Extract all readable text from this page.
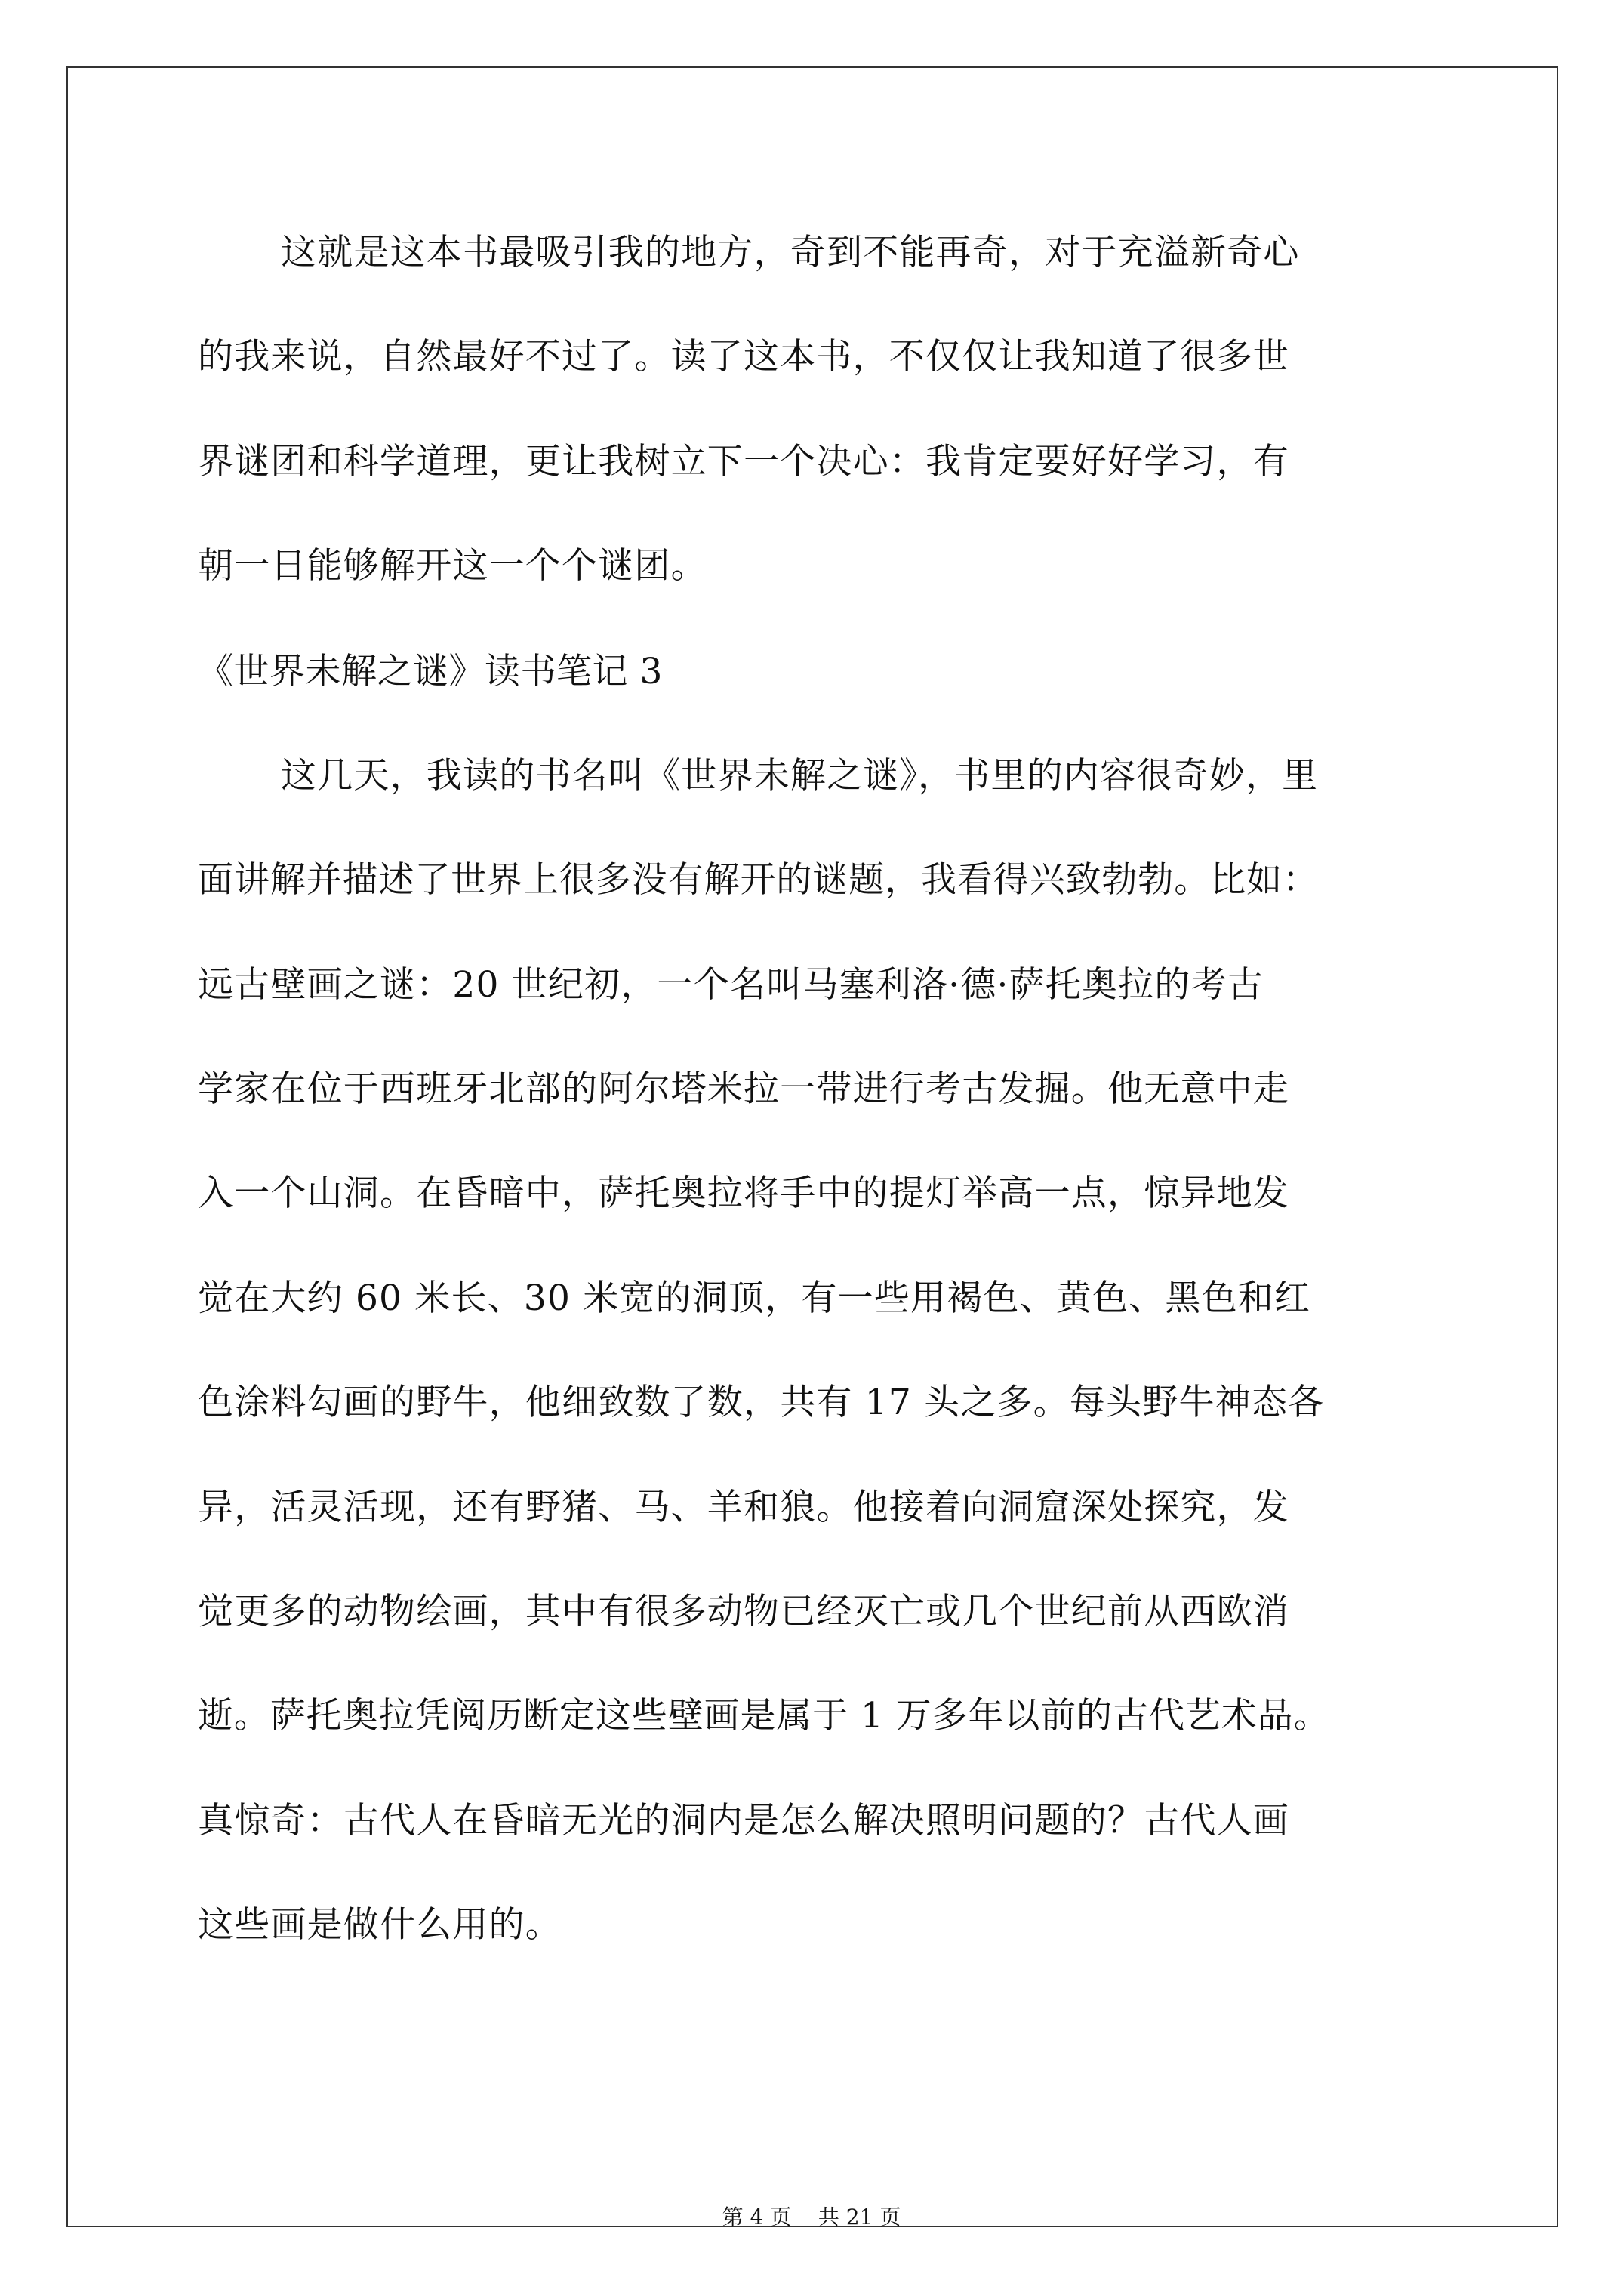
这就是这本书最吸引我的地方，奇到不能再奇，对于充溢新奇心
的我来说，自然最好不过了。读了这本书，不仅仅让我知道了很多世
界谜团和科学道理，更让我树立下一个决心：我肯定要好好学习，有
朝一日能够解开这一个个谜团。
《世界未解之谜》读书笔记 3
这几天，我读的书名叫《世界未解之谜》，书里的内容很奇妙，里
面讲解并描述了世界上很多没有解开的谜题，我看得兴致勃勃。比如：
远古壁画之谜：20 世纪初，一个名叫马塞利洛·德·萨托奥拉的考古
学家在位于西班牙北部的阿尔塔米拉一带进行考古发掘。他无意中走
入一个山洞。在昏暗中，萨托奥拉将手中的提灯举高一点，惊异地发
觉在大约 60 米长、30 米宽的洞顶，有一些用褐色、黄色、黑色和红
色涂料勾画的野牛，他细致数了数，共有 17 头之多。每头野牛神态各
异，活灵活现，还有野猪、马、羊和狼。他接着向洞窟深处探究，发
觉更多的动物绘画，其中有很多动物已经灭亡或几个世纪前从西欧消
逝。萨托奥拉凭阅历断定这些壁画是属于 1 万多年以前的古代艺术品。
真惊奇：古代人在昏暗无光的洞内是怎么解决照明问题的？古代人画
这些画是做什么用的。
第 4 页    共 21 页
